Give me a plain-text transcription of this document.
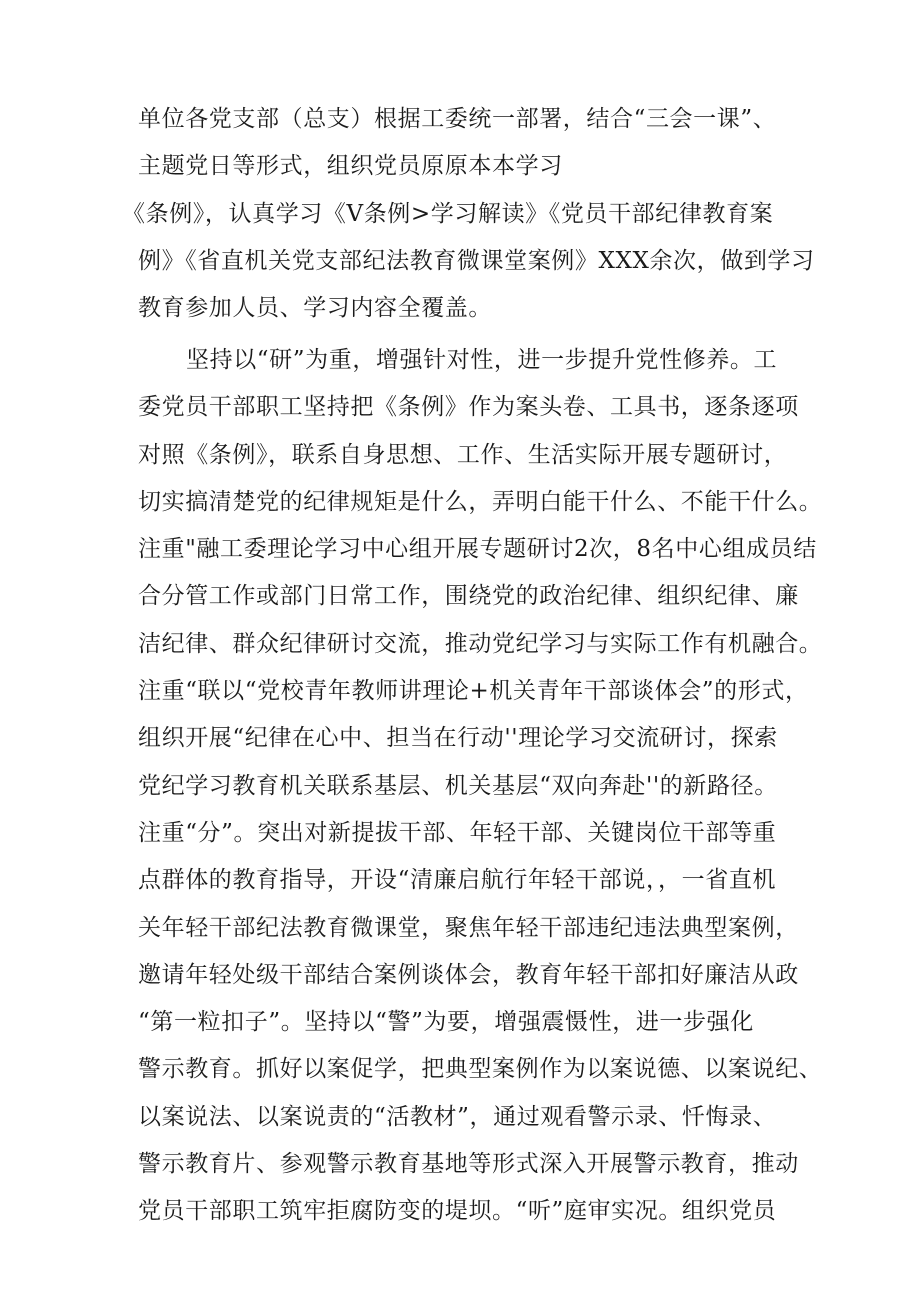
单位各党支部（总支）根据工委统一部署，结合“三会一课”、
主题党日等形式，组织党员原原本本学习
《条例》，认真学习《V条例>学习解读》《党员干部纪律教育案
例》《省直机关党支部纪法教育微课堂案例》XXX余次，做到学习
教育参加人员、学习内容全覆盖。
坚持以“研”为重，增强针对性，进一步提升党性修养。工
委党员干部职工坚持把《条例》作为案头卷、工具书，逐条逐项
对照《条例》，联系自身思想、工作、生活实际开展专题研讨，
切实搞清楚党的纪律规矩是什么，弄明白能干什么、不能干什么。
注重"融工委理论学习中心组开展专题研讨2次，8名中心组成员结
合分管工作或部门日常工作，围绕党的政治纪律、组织纪律、廉
洁纪律、群众纪律研讨交流，推动党纪学习与实际工作有机融合。
注重“联以“党校青年教师讲理论+机关青年干部谈体会”的形式，
组织开展“纪律在心中、担当在行动''理论学习交流研讨，探索
党纪学习教育机关联系基层、机关基层“双向奔赴''的新路径。
注重“分”。突出对新提拔干部、年轻干部、关键岗位干部等重
点群体的教育指导，开设“清廉启航行年轻干部说，，一省直机
关年轻干部纪法教育微课堂，聚焦年轻干部违纪违法典型案例，
邀请年轻处级干部结合案例谈体会，教育年轻干部扣好廉洁从政
“第一粒扣子”。坚持以“警”为要，增强震慑性，进一步强化
警示教育。抓好以案促学，把典型案例作为以案说德、以案说纪、
以案说法、以案说责的“活教材”，通过观看警示录、忏悔录、
警示教育片、参观警示教育基地等形式深入开展警示教育，推动
党员干部职工筑牢拒腐防变的堤坝。“听”庭审实况。组织党员
